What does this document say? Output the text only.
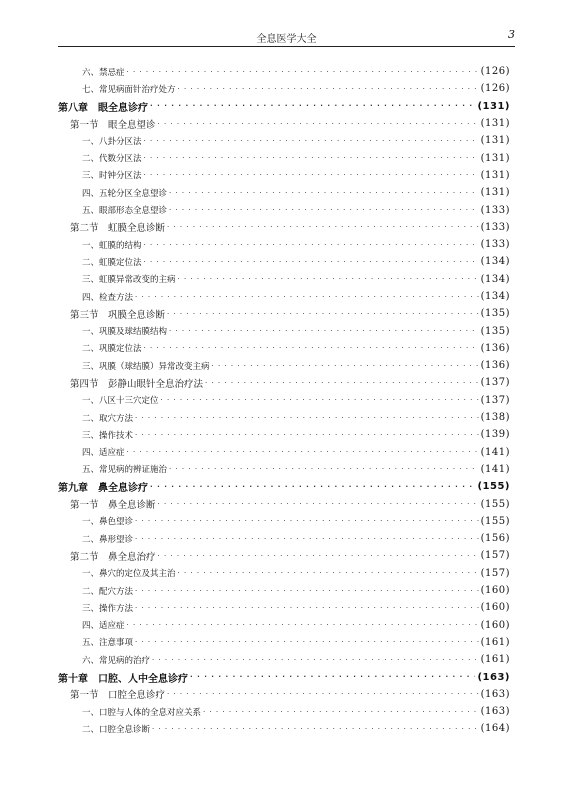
全息医学大全	3
六、禁忌症 · · ·	(126)
七、常见病面针治疗处方 · · ·	(126)
第八章　眼全息诊疗 · · ·	(131)
第一节　眼全息望诊 · · ·	(131)
一、八卦分区法 · · ·	(131)
二、代数分区法 · · ·	(131)
三、时钟分区法 · · ·	(131)
四、五轮分区全息望诊 · · ·	(131)
五、眼部形态全息望诊 · · ·	(133)
第二节　虹膜全息诊断 · · ·	(133)
一、虹膜的结构 · · ·	(133)
二、虹膜定位法 · · ·	(134)
三、虹膜异常改变的主病 · · ·	(134)
四、检查方法 · · ·	(134)
第三节　巩膜全息诊断 · · ·	(135)
一、巩膜及球结膜结构 · · ·	(135)
二、巩膜定位法 · · ·	(136)
三、巩膜（球结膜）异常改变主病 · · ·	(136)
第四节　彭静山眼针全息治疗法 · · ·	(137)
一、八区十三穴定位 · · ·	(137)
二、取穴方法 · · ·	(138)
三、操作技术 · · ·	(139)
四、适应症 · · ·	(141)
五、常见病的辨证施治 · · ·	(141)
第九章　鼻全息诊疗 · · ·	(155)
第一节　鼻全息诊断 · · ·	(155)
一、鼻色望诊 · · ·	(155)
二、鼻形望诊 · · ·	(156)
第二节　鼻全息治疗 · · ·	(157)
一、鼻穴的定位及其主治 · · ·	(157)
二、配穴方法 · · ·	(160)
三、操作方法 · · ·	(160)
四、适应症 · · ·	(160)
五、注意事项 · · ·	(161)
六、常见病的治疗 · · ·	(161)
第十章　口腔、人中全息诊疗 · · ·	(163)
第一节　口腔全息诊疗 · · ·	(163)
一、口腔与人体的全息对应关系 · · ·	(163)
二、口腔全息诊断 · · ·	(164)
